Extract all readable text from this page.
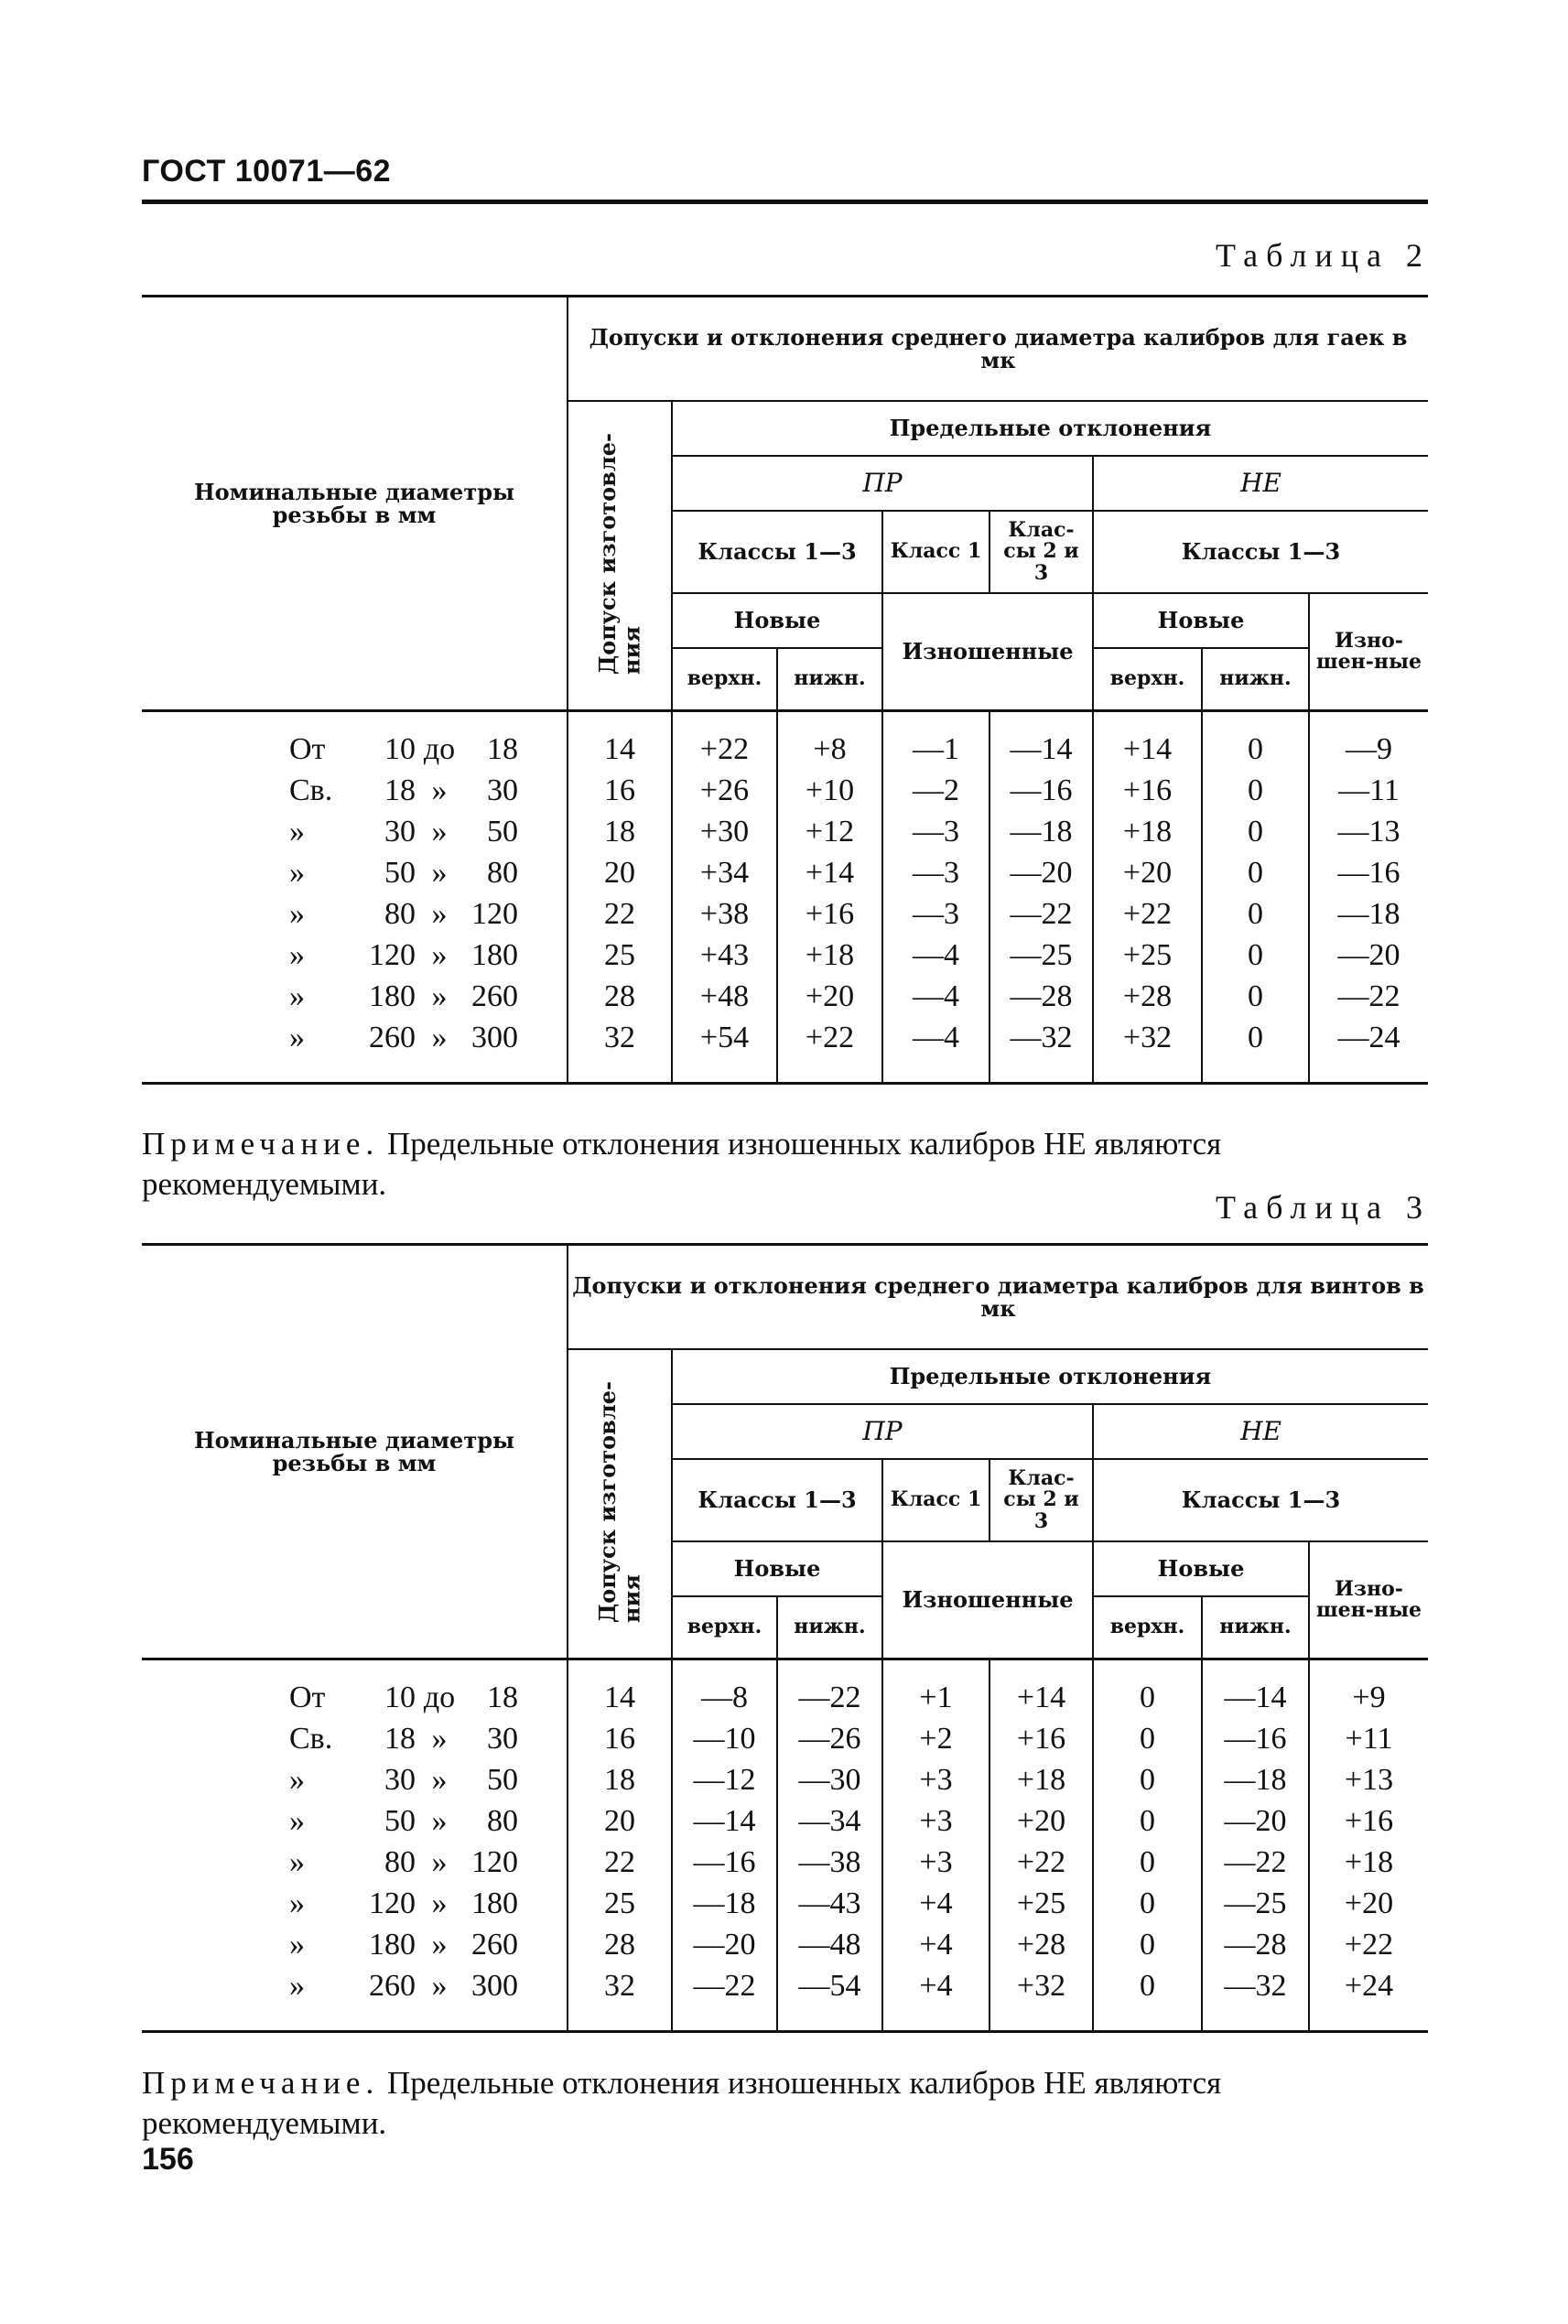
ГОСТ 10071—62
Таблица 2
Номинальные диаметры резьбы в мм	Допуски и отклонения среднего диаметра калибров для гаек в мк							
	Допуск изготовле-
ния	Предельные отклонения						
		ПР				НЕ		
		Классы 1—3		Класс 1	Клас-сы 2 и 3	Классы 1—3		
		Новые		Изношенные		Новые		Изно-шен-ные
		верхн.	нижн.			верхн.	нижн.	
От 10 до 18	14	+22	+8	—1	—14	+14	0	—9
Св. 18 » 30	16	+26	+10	—2	—16	+16	0	—11
» 30 » 50	18	+30	+12	—3	—18	+18	0	—13
» 50 » 80	20	+34	+14	—3	—20	+20	0	—16
» 80 » 120	22	+38	+16	—3	—22	+22	0	—18
» 120 » 180	25	+43	+18	—4	—25	+25	0	—20
» 180 » 260	28	+48	+20	—4	—28	+28	0	—22
» 260 » 300	32	+54	+22	—4	—32	+32	0	—24
Примечание. Предельные отклонения изношенных калибров НЕ являются рекомендуемыми.
Таблица 3
Номинальные диаметры резьбы в мм	Допуски и отклонения среднего диаметра калибров для винтов в мк							
	Допуск изготовле-
ния	Предельные отклонения						
		ПР				НЕ		
		Классы 1—3		Класс 1	Клас-сы 2 и 3	Классы 1—3		
		Новые		Изношенные		Новые		Изно-шен-ные
		верхн.	нижн.			верхн.	нижн.	
От 10 до 18	14	—8	—22	+1	+14	0	—14	+9
Св. 18 » 30	16	—10	—26	+2	+16	0	—16	+11
» 30 » 50	18	—12	—30	+3	+18	0	—18	+13
» 50 » 80	20	—14	—34	+3	+20	0	—20	+16
» 80 » 120	22	—16	—38	+3	+22	0	—22	+18
» 120 » 180	25	—18	—43	+4	+25	0	—25	+20
» 180 » 260	28	—20	—48	+4	+28	0	—28	+22
» 260 » 300	32	—22	—54	+4	+32	0	—32	+24
Примечание. Предельные отклонения изношенных калибров НЕ являются рекомендуемыми.
156
